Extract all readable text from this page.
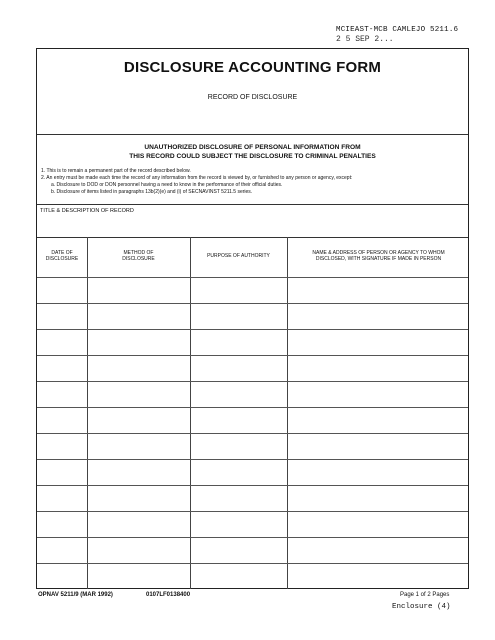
MCIEAST-MCB CAMLEJO 5211.6
2 5 SEP 2...
DISCLOSURE ACCOUNTING FORM
RECORD OF DISCLOSURE
UNAUTHORIZED DISCLOSURE OF PERSONAL INFORMATION FROM
THIS RECORD COULD SUBJECT THE DISCLOSURE TO CRIMINAL PENALTIES
1. This is to remain a permanent part of the record described below.
2. An entry must be made each time the record of any information from the record is viewed by, or furnished to any person or agency, except:
a. Disclosure to DOD or DON personnel having a need to know in the performance of their official duties.
b. Disclosure of items listed in paragraphs 13b(2)(e) and (i) of SECNAVINST 5211.5 series.
TITLE & DESCRIPTION OF RECORD
DATE OF
DISCLOSURE
METHOD OF
DISCLOSURE
PURPOSE OF AUTHORITY
NAME & ADDRESS OF PERSON OR AGENCY TO WHOM
DISCLOSED, WITH SIGNATURE IF MADE IN PERSON
OPNAV 5211/9 (MAR 1992)	0107LF0138400	Page 1 of 2 Pages
Enclosure (4)
